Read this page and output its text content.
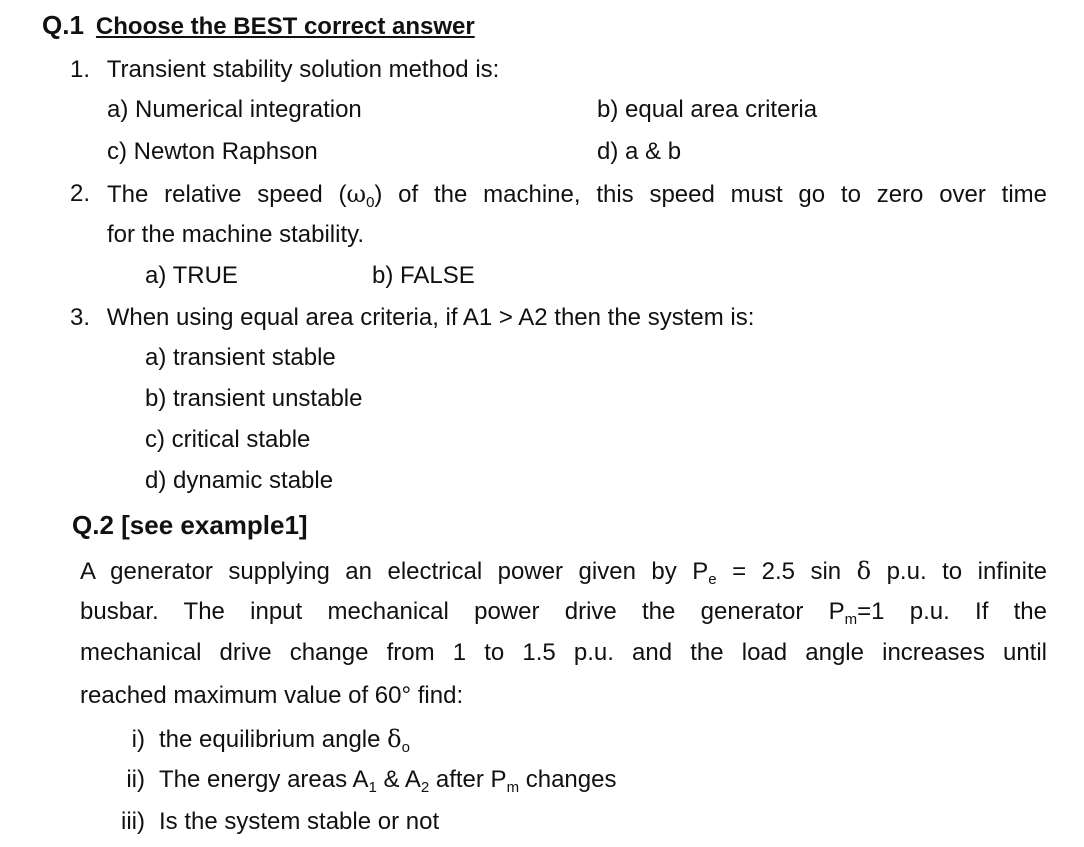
Q.1 Choose the BEST correct answer
1. Transient stability solution method is:
a) Numerical integration	b) equal area criteria
c) Newton Raphson	d) a & b
2. The relative speed $(\omega_0)$ of the machine, this speed must go to zero over time
for the machine stability.
a) TRUE	b) FALSE
3. When using equal area criteria, if A1 > A2 then the system is:
a) transient stable
b) transient unstable
c) critical stable
d) dynamic stable
Q.2 [see example1]
A generator supplying an electrical power given by $P_e = 2.5$ sin δ p.u. to infinite
busbar. The input mechanical power drive the generator $P_m=1$ p.u. If the
mechanical drive change from 1 to 1.5 p.u. and the load angle increases until
reached maximum value of 60° find:
i) the equilibrium angle $\delta_o$
ii) The energy areas $A_1$ & $A_2$ after $P_m$ changes
iii) Is the system stable or not
